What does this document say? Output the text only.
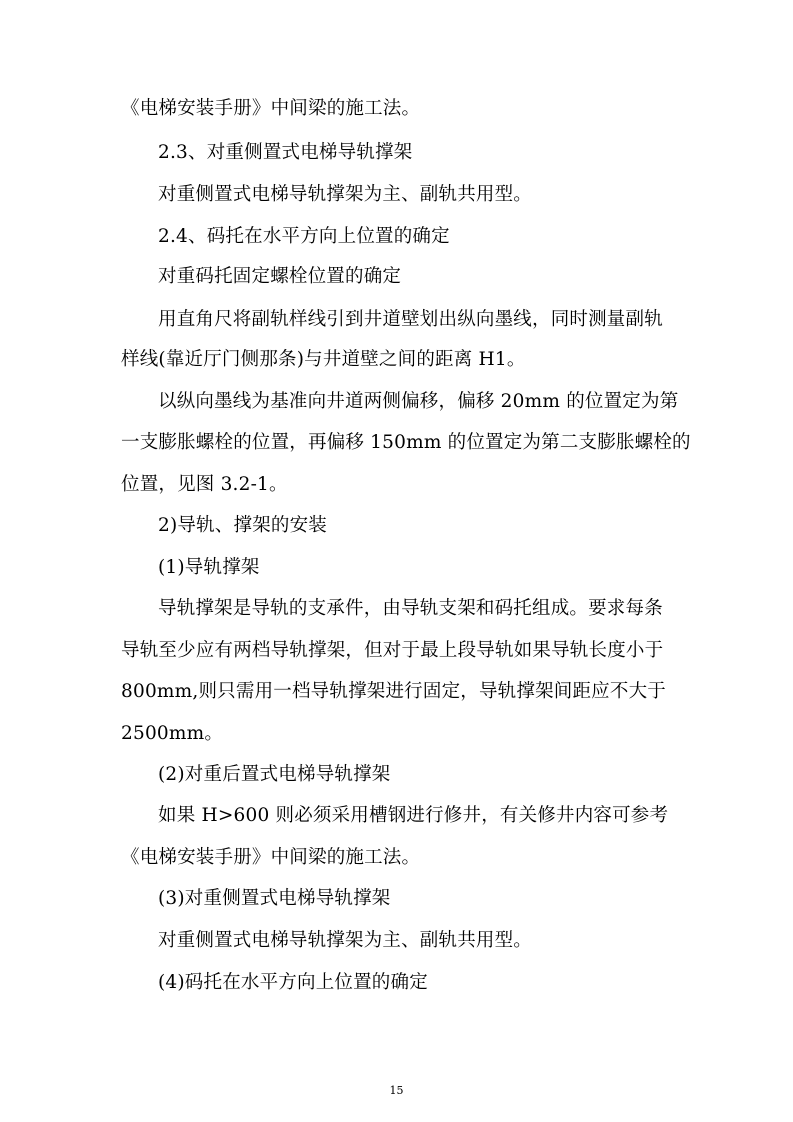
《电梯安装手册》中间梁的施工法。
2.3、对重侧置式电梯导轨撑架
对重侧置式电梯导轨撑架为主、副轨共用型。
2.4、码托在水平方向上位置的确定
对重码托固定螺栓位置的确定
用直角尺将副轨样线引到井道壁划出纵向墨线，同时测量副轨
样线(靠近厅门侧那条)与井道壁之间的距离 H1。
以纵向墨线为基准向井道两侧偏移，偏移 20mm 的位置定为第
一支膨胀螺栓的位置，再偏移 150mm 的位置定为第二支膨胀螺栓的
位置，见图 3.2-1。
2)导轨、撑架的安装
(1)导轨撑架
导轨撑架是导轨的支承件，由导轨支架和码托组成。要求每条
导轨至少应有两档导轨撑架，但对于最上段导轨如果导轨长度小于
800mm,则只需用一档导轨撑架进行固定，导轨撑架间距应不大于
2500mm。
(2)对重后置式电梯导轨撑架
如果 H>600 则必须采用槽钢进行修井，有关修井内容可参考
《电梯安装手册》中间梁的施工法。
(3)对重侧置式电梯导轨撑架
对重侧置式电梯导轨撑架为主、副轨共用型。
(4)码托在水平方向上位置的确定
15
